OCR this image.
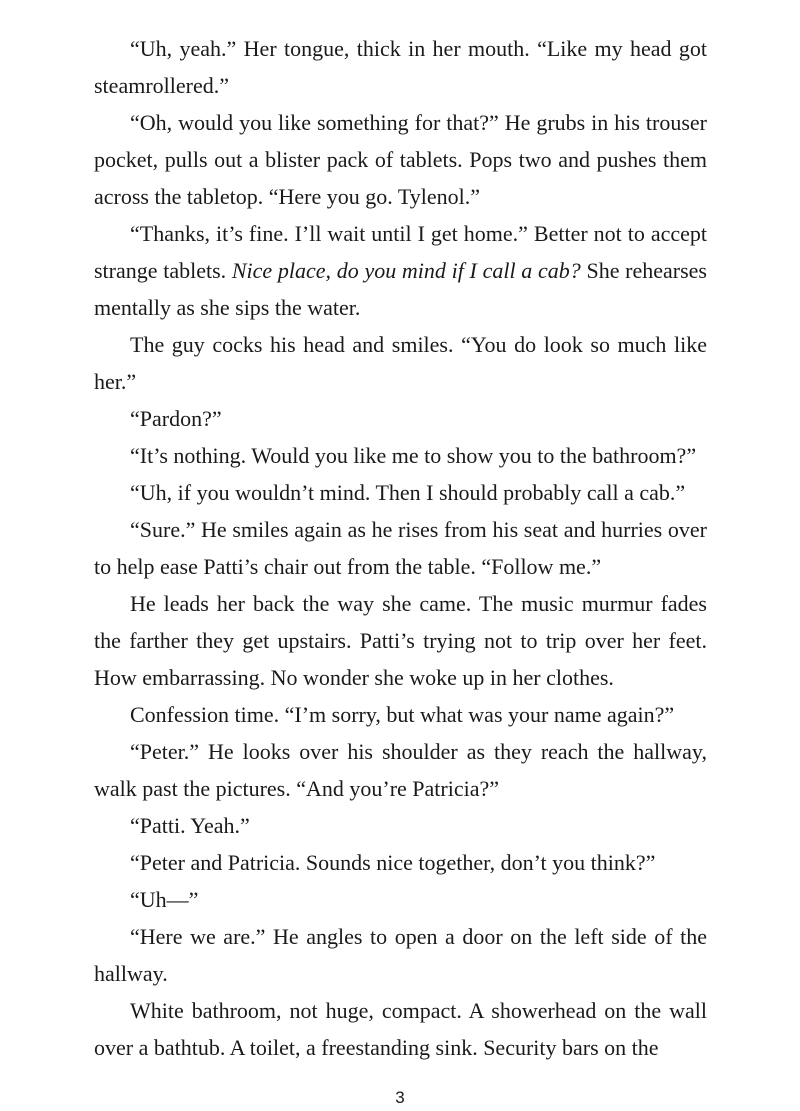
“Uh, yeah.” Her tongue, thick in her mouth. “Like my head got steamrollered.”

“Oh, would you like something for that?” He grubs in his trouser pocket, pulls out a blister pack of tablets. Pops two and pushes them across the tabletop. “Here you go. Tylenol.”

“Thanks, it’s fine. I’ll wait until I get home.” Better not to accept strange tablets. Nice place, do you mind if I call a cab? She rehearses mentally as she sips the water.

The guy cocks his head and smiles. “You do look so much like her.”

“Pardon?”

“It’s nothing. Would you like me to show you to the bathroom?”

“Uh, if you wouldn’t mind. Then I should probably call a cab.”

“Sure.” He smiles again as he rises from his seat and hurries over to help ease Patti’s chair out from the table. “Follow me.”

He leads her back the way she came. The music murmur fades the farther they get upstairs. Patti’s trying not to trip over her feet. How embarrassing. No wonder she woke up in her clothes.

Confession time. “I’m sorry, but what was your name again?”

“Peter.” He looks over his shoulder as they reach the hallway, walk past the pictures. “And you’re Patricia?”

“Patti. Yeah.”

“Peter and Patricia. Sounds nice together, don’t you think?”

“Uh—”

“Here we are.” He angles to open a door on the left side of the hallway.

White bathroom, not huge, compact. A showerhead on the wall over a bathtub. A toilet, a freestanding sink. Security bars on the

3
